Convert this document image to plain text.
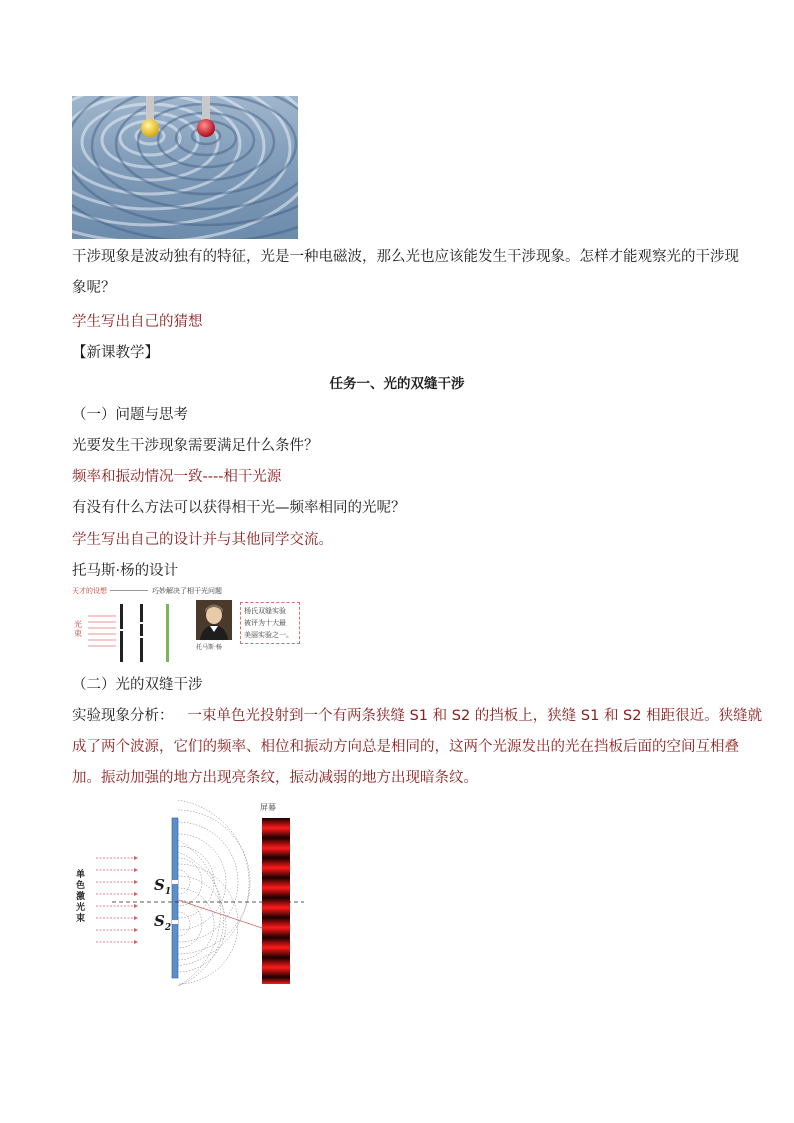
干涉现象是波动独有的特征，光是一种电磁波，那么光也应该能发生干涉现象。怎样才能观察光的干涉现
象呢？
学生写出自己的猜想
【新课教学】
任务一、光的双缝干涉
（一）问题与思考
光要发生干涉现象需要满足什么条件？
频率和振动情况一致----相干光源
有没有什么方法可以获得相干光—频率相同的光呢？
学生写出自己的设计并与其他同学交流。
托马斯·杨的设计
天才的设想	巧妙解决了相干光问题
光束
托马斯·杨
杨氏双缝实验
被评为十大最
美丽实验之一。
（二）光的双缝干涉
实验现象分析： 一束单色光投射到一个有两条狭缝 S1 和 S2 的挡板上，狭缝 S1 和 S2 相距很近。狭缝就
成了两个波源，它们的频率、相位和振动方向总是相同的，这两个光源发出的光在挡板后面的空间互相叠
加。振动加强的地方出现亮条纹，振动减弱的地方出现暗条纹。
屏幕
单
色
激
光
束
$S_1$
$S_2$
